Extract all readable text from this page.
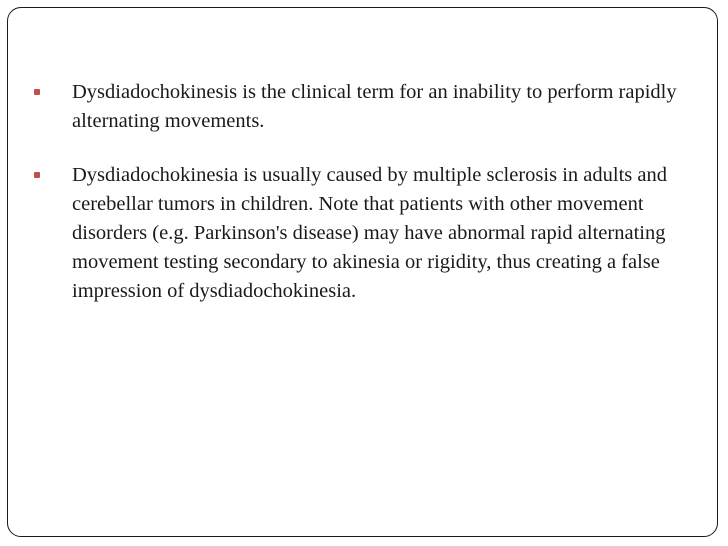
Dysdiadochokinesis is the clinical term for an inability to perform rapidly alternating movements.
Dysdiadochokinesia is usually caused by multiple sclerosis in adults and cerebellar tumors in children. Note that patients with other movement disorders (e.g. Parkinson's disease) may have abnormal rapid alternating movement testing secondary to akinesia or rigidity, thus creating a false impression of dysdiadochokinesia.
